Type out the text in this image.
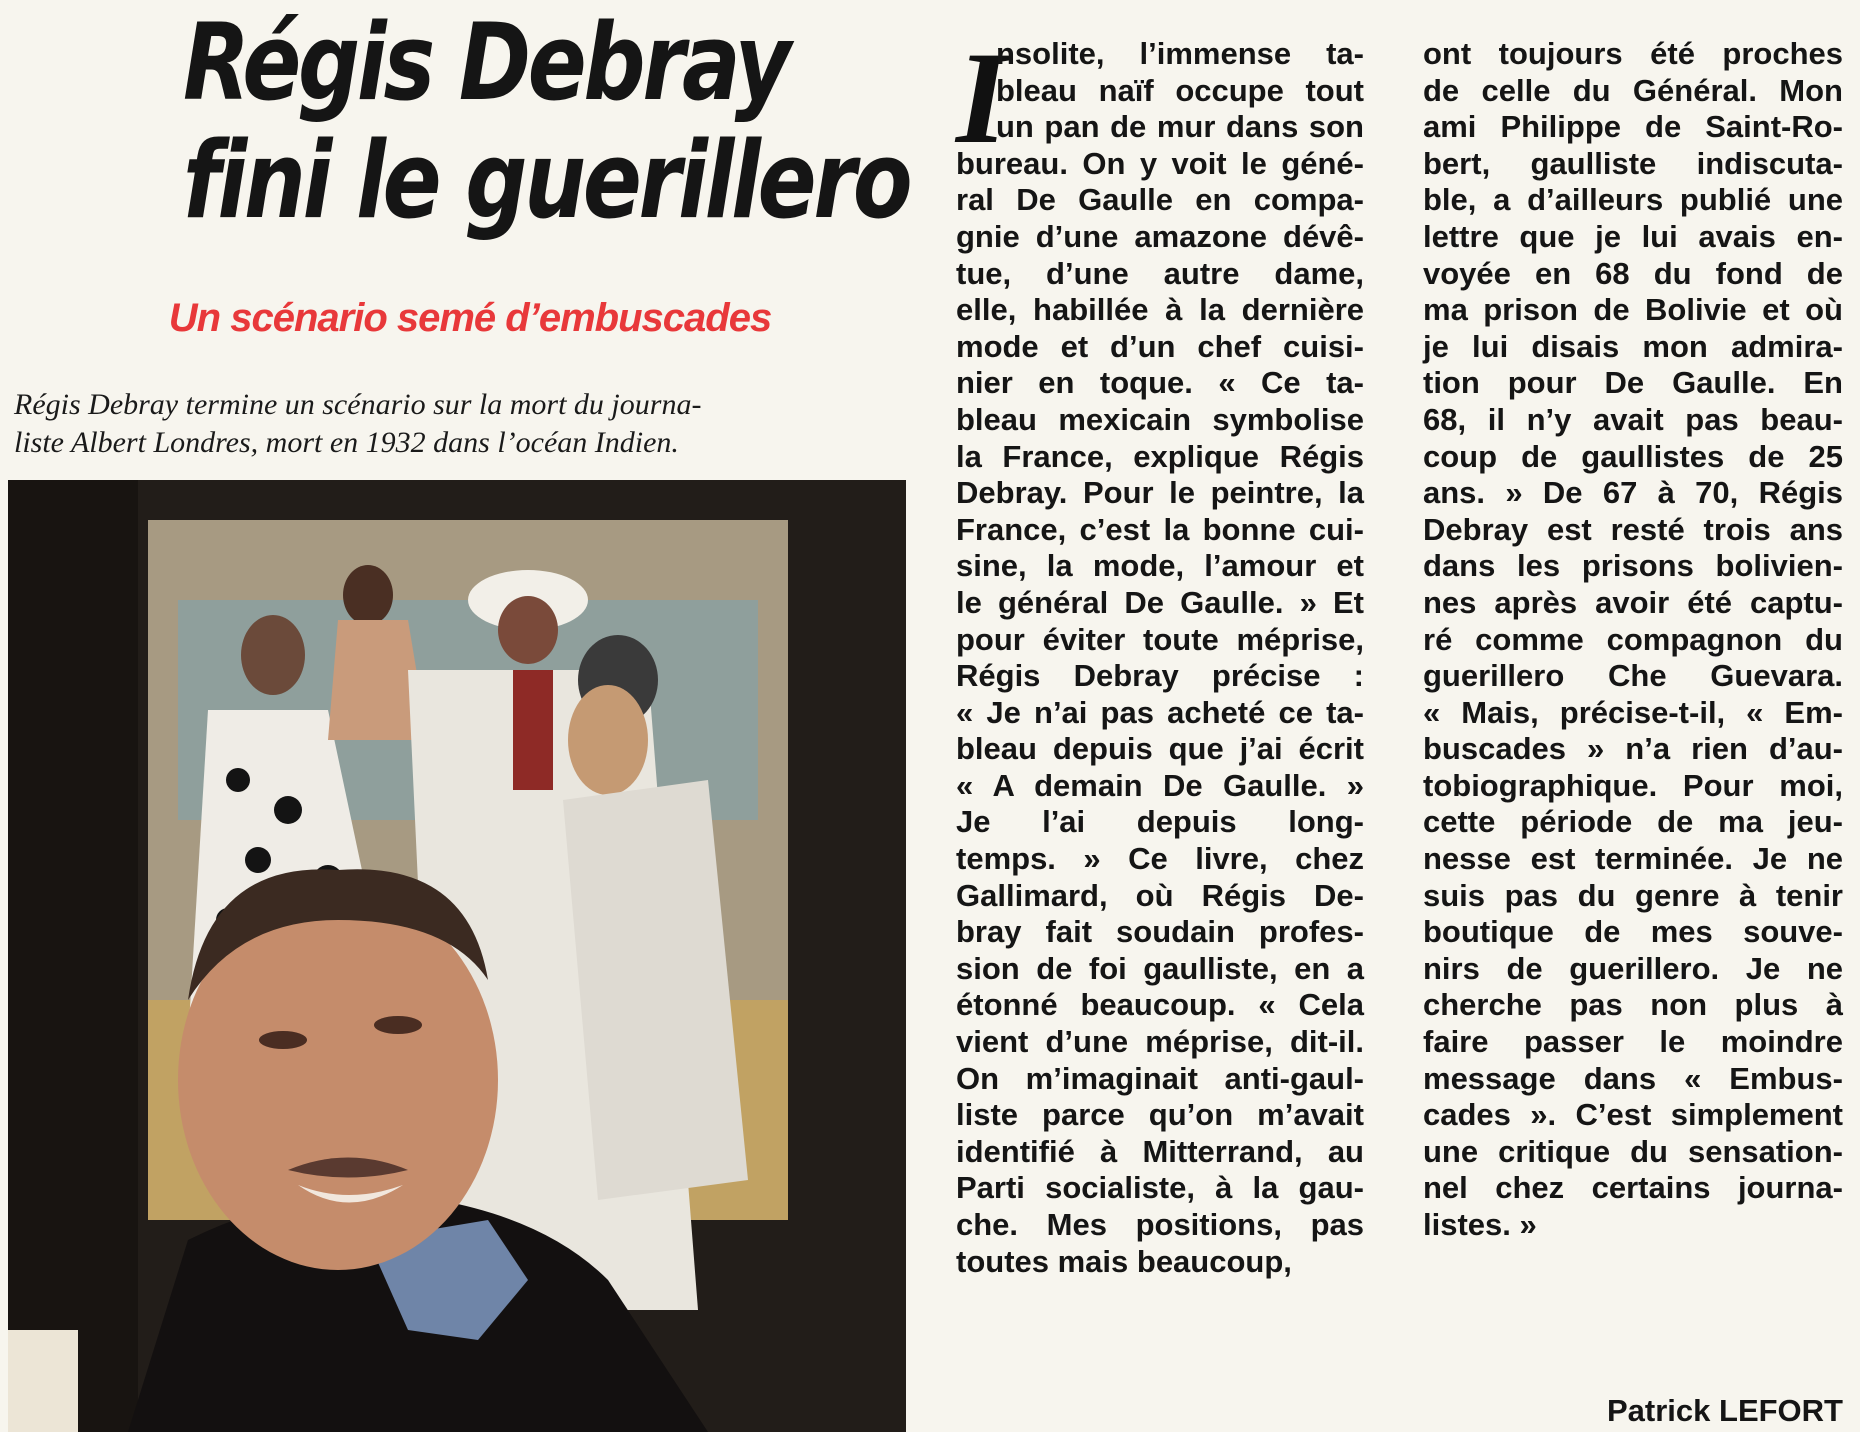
Régis Debray
fini le guerillero
Un scénario semé d’embuscades
Régis Debray termine un scénario sur la mort du journa-
liste Albert Londres, mort en 1932 dans l’océan Indien.
I
nsolite, l’immense ta-
bleau naïf occupe tout
un pan de mur dans son
bureau. On y voit le géné-
ral De Gaulle en compa-
gnie d’une amazone dévê-
tue, d’une autre dame,
elle, habillée à la dernière
mode et d’un chef cuisi-
nier en toque. « Ce ta-
bleau mexicain symbolise
la France, explique Régis
Debray. Pour le peintre, la
France, c’est la bonne cui-
sine, la mode, l’amour et
le général De Gaulle. » Et
pour éviter toute méprise,
Régis Debray précise :
« Je n’ai pas acheté ce ta-
bleau depuis que j’ai écrit
« A demain De Gaulle. »
Je l’ai depuis long-
temps. » Ce livre, chez
Gallimard, où Régis De-
bray fait soudain profes-
sion de foi gaulliste, en a
étonné beaucoup. « Cela
vient d’une méprise, dit-il.
On m’imaginait anti-gaul-
liste parce qu’on m’avait
identifié à Mitterrand, au
Parti socialiste, à la gau-
che. Mes positions, pas
toutes mais beaucoup,
ont toujours été proches
de celle du Général. Mon
ami Philippe de Saint-Ro-
bert, gaulliste indiscuta-
ble, a d’ailleurs publié une
lettre que je lui avais en-
voyée en 68 du fond de
ma prison de Bolivie et où
je lui disais mon admira-
tion pour De Gaulle. En
68, il n’y avait pas beau-
coup de gaullistes de 25
ans. » De 67 à 70, Régis
Debray est resté trois ans
dans les prisons bolivien-
nes après avoir été captu-
ré comme compagnon du
guerillero Che Guevara.
« Mais, précise-t-il, « Em-
buscades » n’a rien d’au-
tobiographique. Pour moi,
cette période de ma jeu-
nesse est terminée. Je ne
suis pas du genre à tenir
boutique de mes souve-
nirs de guerillero. Je ne
cherche pas non plus à
faire passer le moindre
message dans « Embus-
cades ». C’est simplement
une critique du sensation-
nel chez certains journa-
listes. »
Patrick LEFORT
